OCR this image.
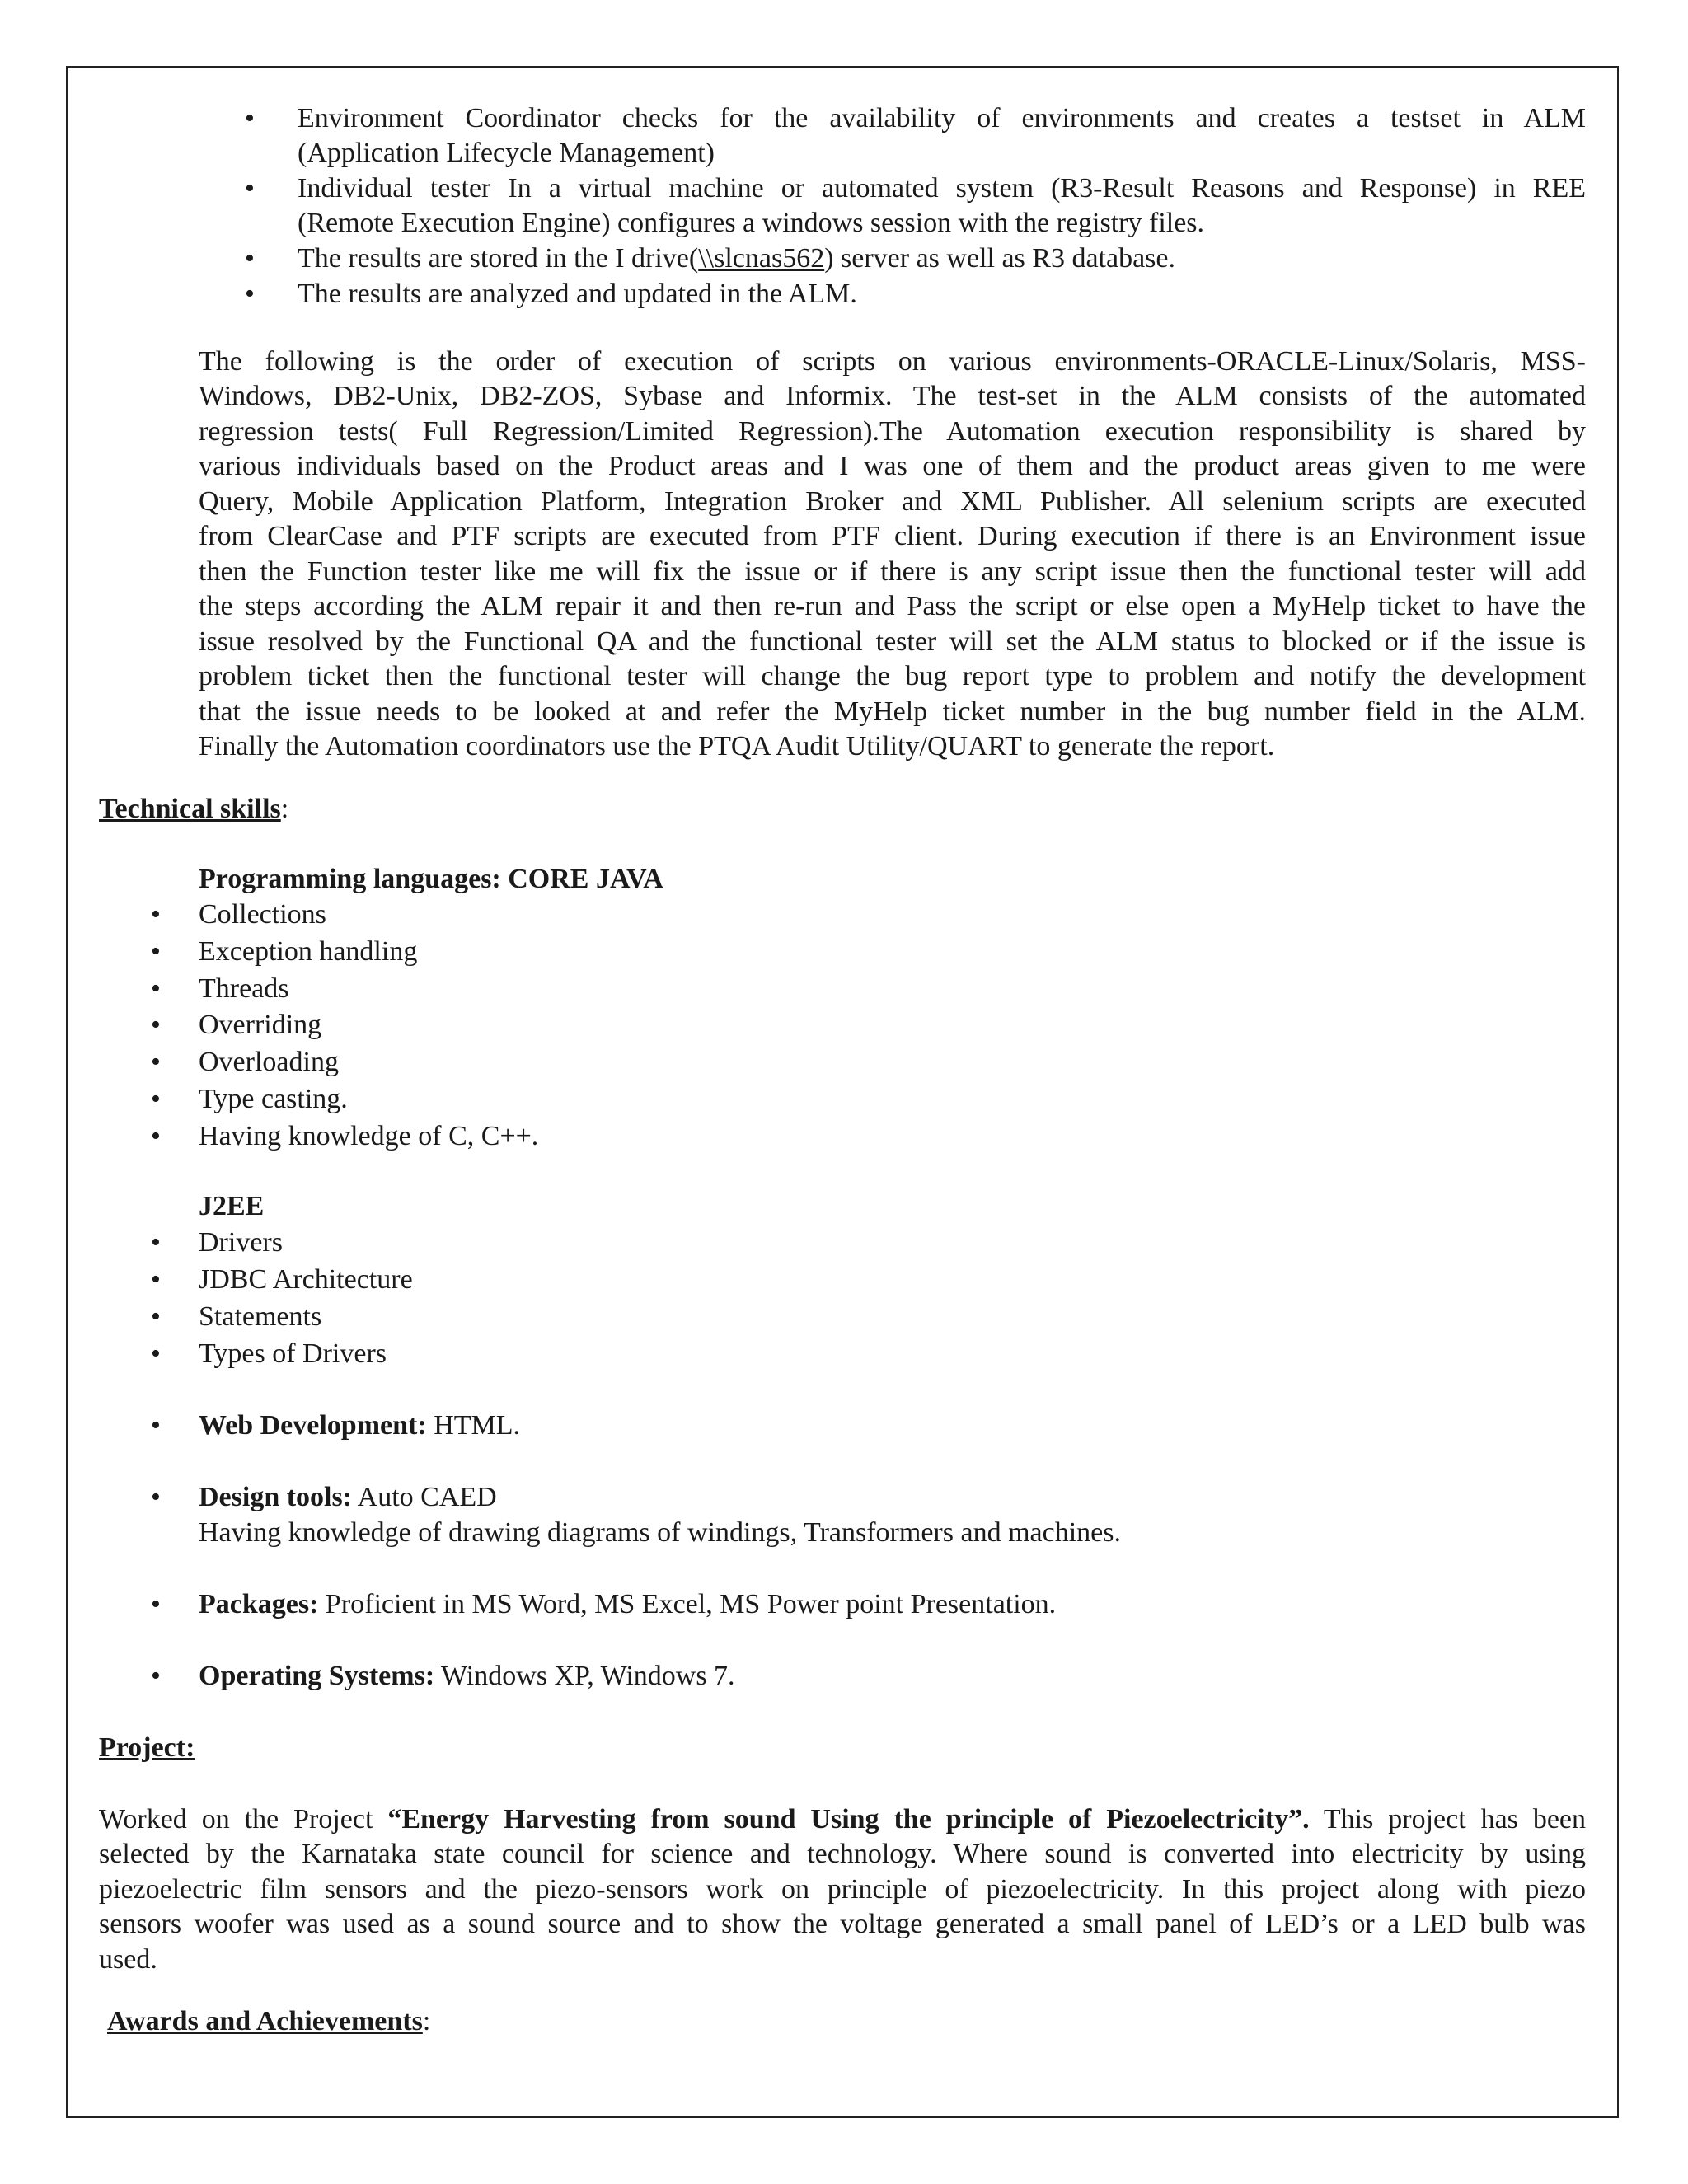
• Environment Coordinator checks for the availability of environments and creates a testset in ALM
(Application Lifecycle Management)
• Individual tester In a virtual machine or automated system (R3-Result Reasons and Response) in REE
(Remote Execution Engine) configures a windows session with the registry files.
• The results are stored in the I drive(\\slcnas562) server as well as R3 database.
• The results are analyzed and updated in the ALM.
The following is the order of execution of scripts on various environments-ORACLE-Linux/Solaris, MSS-
Windows, DB2-Unix, DB2-ZOS, Sybase and Informix. The test-set in the ALM consists of the automated
regression tests( Full Regression/Limited Regression).The Automation execution responsibility is shared by
various individuals based on the Product areas and I was one of them and the product areas given to me were
Query, Mobile Application Platform, Integration Broker and XML Publisher. All selenium scripts are executed
from ClearCase and PTF scripts are executed from PTF client. During execution if there is an Environment issue
then the Function tester like me will fix the issue or if there is any script issue then the functional tester will add
the steps according the ALM repair it and then re-run and Pass the script or else open a MyHelp ticket to have the
issue resolved by the Functional QA and the functional tester will set the ALM status to blocked or if the issue is
problem ticket then the functional tester will change the bug report type to problem and notify the development
that the issue needs to be looked at and refer the MyHelp ticket number in the bug number field in the ALM.
Finally the Automation coordinators use the PTQA Audit Utility/QUART to generate the report.
Technical skills:
Programming languages: CORE JAVA
• Collections
• Exception handling
• Threads
• Overriding
• Overloading
• Type casting.
• Having knowledge of C, C++.
J2EE
• Drivers
• JDBC Architecture
• Statements
• Types of Drivers
• Web Development: HTML.
• Design tools: Auto CAED
Having knowledge of drawing diagrams of windings, Transformers and machines.
• Packages: Proficient in MS Word, MS Excel, MS Power point Presentation.
• Operating Systems: Windows XP, Windows 7.
Project:
Worked on the Project “Energy Harvesting from sound Using the principle of Piezoelectricity”. This project has been
selected by the Karnataka state council for science and technology. Where sound is converted into electricity by using
piezoelectric film sensors and the piezo-sensors work on principle of piezoelectricity. In this project along with piezo
sensors woofer was used as a sound source and to show the voltage generated a small panel of LED’s or a LED bulb was
used.
Awards and Achievements:
